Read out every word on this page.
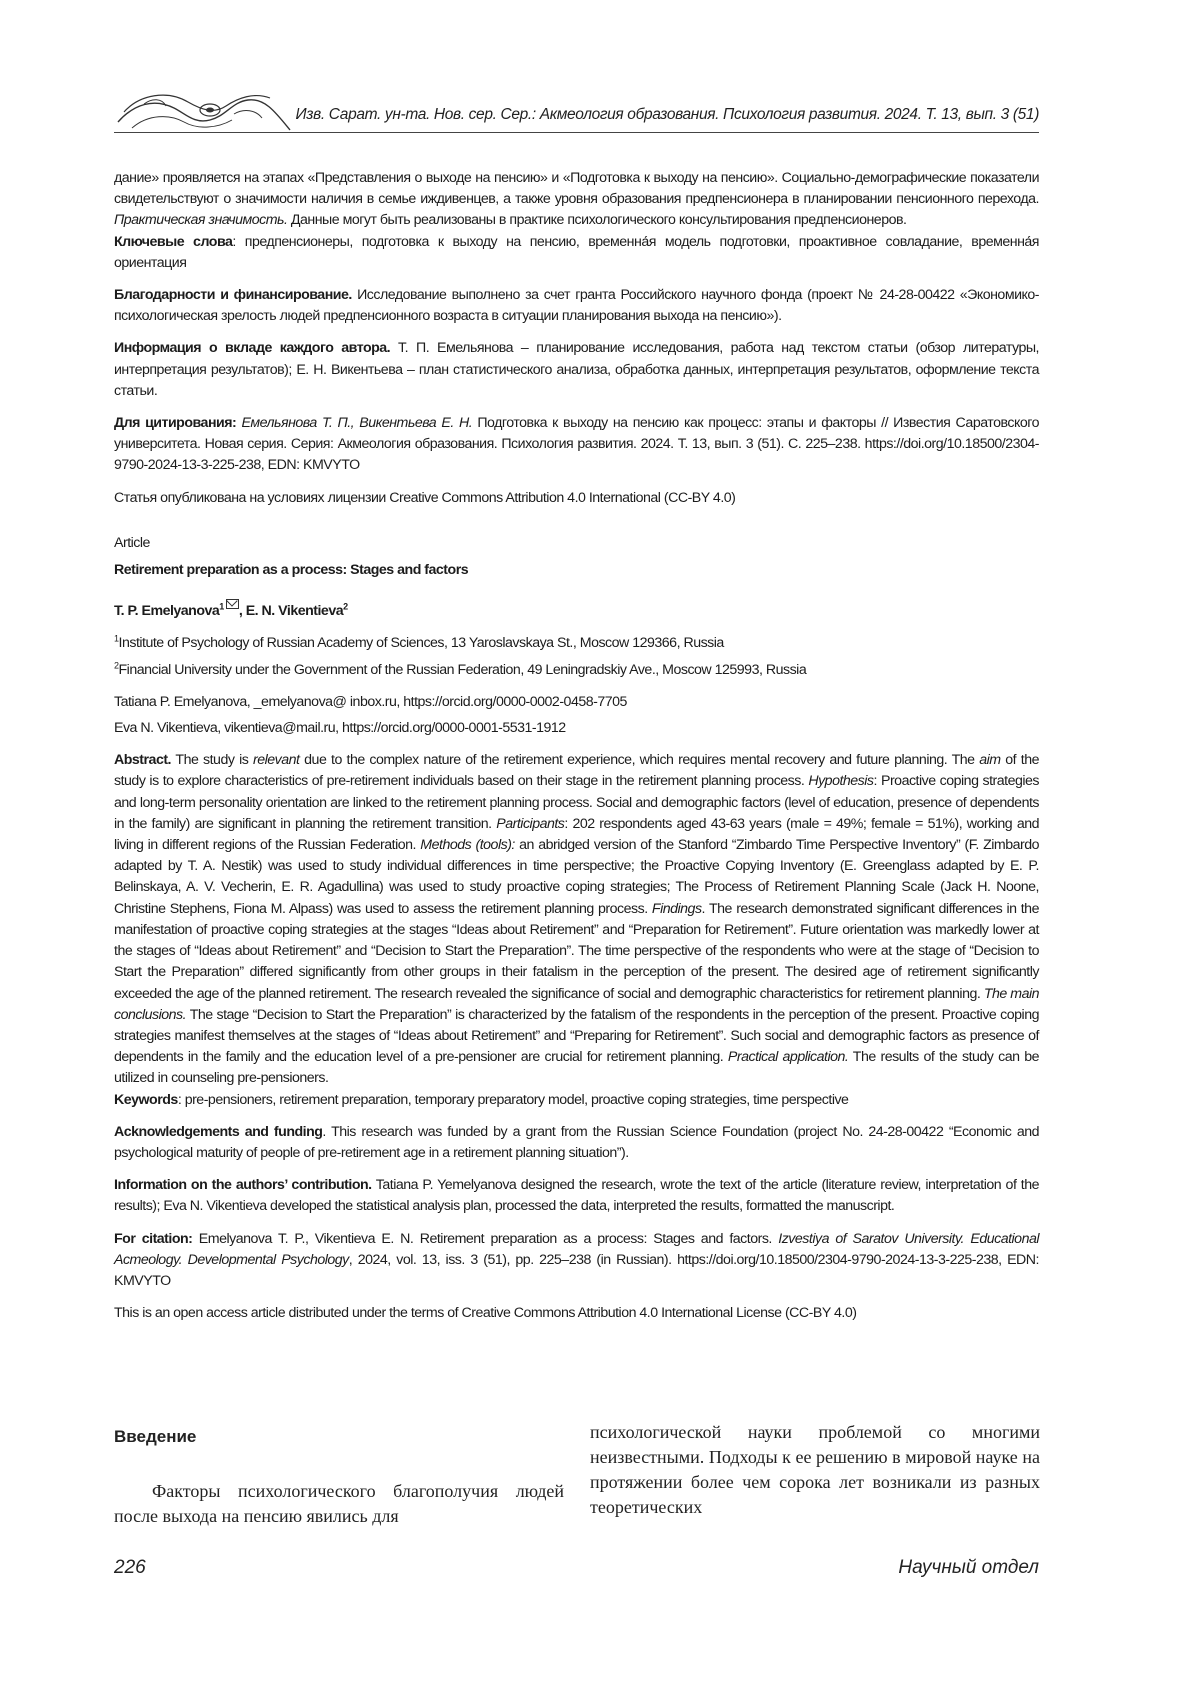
Изв. Сарат. ун-та. Нов. сер. Сер.: Акмеология образования. Психология развития. 2024. Т. 13, вып. 3 (51)

дание» проявляется на этапах «Представления о выходе на пенсию» и «Подготовка к выходу на пенсию». Социально-демографические показатели свидетельствуют о значимости наличия в семье иждивенцев, а также уровня образования предпенсионера в планировании пенсионного перехода. Практическая значимость. Данные могут быть реализованы в практике психологического консультирования предпенсионеров.

Ключевые слова: предпенсионеры, подготовка к выходу на пенсию, временна́я модель подготовки, проактивное совладание, временна́я ориентация

Благодарности и финансирование. Исследование выполнено за счет гранта Российского научного фонда (проект № 24-28-00422 «Экономико-психологическая зрелость людей предпенсионного возраста в ситуации планирования выхода на пенсию»).

Информация о вкладе каждого автора. Т. П. Емельянова – планирование исследования, работа над текстом статьи (обзор литературы, интерпретация результатов); Е. Н. Викентьева – план статистического анализа, обработка данных, интерпретация результатов, оформление текста статьи.

Для цитирования: Емельянова Т. П., Викентьева Е. Н. Подготовка к выходу на пенсию как процесс: этапы и факторы // Известия Саратовского университета. Новая серия. Серия: Акмеология образования. Психология развития. 2024. Т. 13, вып. 3 (51). С. 225–238. https://doi.org/10.18500/2304-9790-2024-13-3-225-238, EDN: KMVYTO

Статья опубликована на условиях лицензии Creative Commons Attribution 4.0 International (CC-BY 4.0)

Article

Retirement preparation as a process: Stages and factors

T. P. Emelyanova$^1$ , E. N. Vikentieva$^2$

$^1$Institute of Psychology of Russian Academy of Sciences, 13 Yaroslavskaya St., Moscow 129366, Russia

$^2$Financial University under the Government of the Russian Federation, 49 Leningradskiy Ave., Moscow 125993, Russia

Tatiana P. Emelyanova, _emelyanova@ inbox.ru, https://orcid.org/0000-0002-0458-7705

Eva N. Vikentieva, vikentieva@mail.ru, https://orcid.org/0000-0001-5531-1912

Abstract. The study is relevant due to the complex nature of the retirement experience, which requires mental recovery and future planning. The aim of the study is to explore characteristics of pre-retirement individuals based on their stage in the retirement planning process. Hypothesis: Proactive coping strategies and long-term personality orientation are linked to the retirement planning process. Social and demographic factors (level of education, presence of dependents in the family) are significant in planning the retirement transition. Participants: 202 respondents aged 43-63 years (male = 49%; female = 51%), working and living in different regions of the Russian Federation. Methods (tools): an abridged version of the Stanford “Zimbardo Time Perspective Inventory” (F. Zimbardo adapted by T. A. Nestik) was used to study individual differences in time perspective; the Proactive Copying Inventory (E. Greenglass adapted by E. P. Belinskaya, A. V. Vecherin, E. R. Agadullina) was used to study proactive coping strategies; The Process of Retirement Planning Scale (Jack H. Noone, Christine Stephens, Fiona M. Alpass) was used to assess the retirement planning process. Findings. The research demonstrated significant differences in the manifestation of proactive coping strategies at the stages “Ideas about Retirement” and “Preparation for Retirement”. Future orientation was markedly lower at the stages of “Ideas about Retirement” and “Decision to Start the Preparation”. The time perspective of the respondents who were at the stage of “Decision to Start the Preparation” differed significantly from other groups in their fatalism in the perception of the present. The desired age of retirement significantly exceeded the age of the planned retirement. The research revealed the significance of social and demographic characteristics for retirement planning. The main conclusions. The stage “Decision to Start the Preparation” is characterized by the fatalism of the respondents in the perception of the present. Proactive coping strategies manifest themselves at the stages of “Ideas about Retirement” and “Preparing for Retirement”. Such social and demographic factors as presence of dependents in the family and the education level of a pre-pensioner are crucial for retirement planning. Practical application. The results of the study can be utilized in counseling pre-pensioners.

Keywords: pre-pensioners, retirement preparation, temporary preparatory model, proactive coping strategies, time perspective

Acknowledgements and funding. This research was funded by a grant from the Russian Science Foundation (project No. 24-28-00422 “Economic and psychological maturity of people of pre-retirement age in a retirement planning situation”).

Information on the authors’ contribution. Tatiana P. Yemelyanova designed the research, wrote the text of the article (literature review, interpretation of the results); Eva N. Vikentieva developed the statistical analysis plan, processed the data, interpreted the results, formatted the manuscript.

For citation: Emelyanova T. P., Vikentieva E. N. Retirement preparation as a process: Stages and factors. Izvestiya of Saratov University. Educational Acmeology. Developmental Psychology, 2024, vol. 13, iss. 3 (51), pp. 225–238 (in Russian). https://doi.org/10.18500/2304-9790-2024-13-3-225-238, EDN: KMVYTO

This is an open access article distributed under the terms of Creative Commons Attribution 4.0 International License (CC-BY 4.0)

Введение
Факторы психологического благополучия людей после выхода на пенсию явились для
психологической науки проблемой со многими неизвестными. Подходы к ее решению в мировой науке на протяжении более чем сорока лет возникали из разных теоретических
226	Научный отдел
